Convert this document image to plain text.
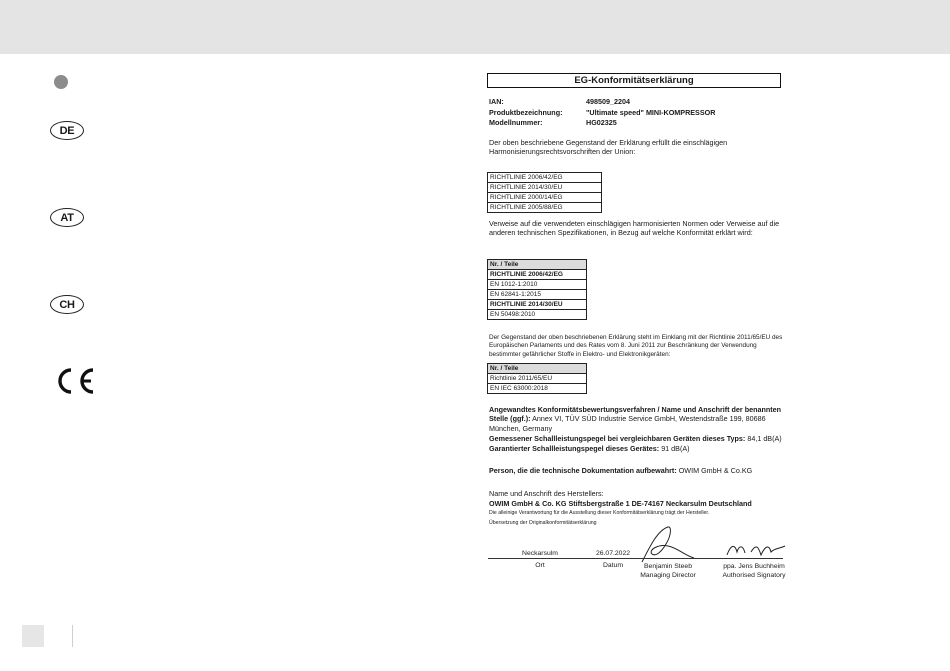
DE
AT
CH
EG-Konformitätserklärung
IAN:	498509_2204
Produktbezeichnung:	"Ultimate speed" MINI-KOMPRESSOR
Modellnummer:	HG02325
Der oben beschriebene Gegenstand der Erklärung erfüllt die einschlägigen Harmonisierungsrechtsvorschriften der Union:
RICHTLINIE 2006/42/EG
RICHTLINIE 2014/30/EU
RICHTLINIE 2000/14/EG
RICHTLINIE 2005/88/EG
Verweise auf die verwendeten einschlägigen harmonisierten Normen oder Verweise auf die anderen technischen Spezifikationen, in Bezug auf welche Konformität erklärt wird:
Nr. / Teile
RICHTLINIE 2006/42/EG
EN 1012-1:2010
EN 62841-1:2015
RICHTLINIE 2014/30/EU
EN 50498:2010
Der Gegenstand der oben beschriebenen Erklärung steht im Einklang mit der Richtlinie 2011/65/EU des Europäischen Parlaments und des Rates vom 8. Juni 2011 zur Beschränkung der Verwendung bestimmter gefährlicher Stoffe in Elektro- und Elektronikgeräten:
Nr. / Teile
Richtlinie 2011/65/EU
EN IEC 63000:2018
Angewandtes Konformitätsbewertungsverfahren / Name und Anschrift der benannten Stelle (ggf.): Annex VI, TÜV SÜD Industrie Service GmbH, Westendstraße 199, 80686 München, Germany
Gemessener Schallleistungspegel bei vergleichbaren Geräten dieses Typs: 84,1 dB(A)
Garantierter Schallleistungspegel dieses Gerätes: 91 dB(A)
Person, die die technische Dokumentation aufbewahrt: OWIM GmbH & Co.KG
Name und Anschrift des Herstellers:
OWIM GmbH & Co. KG Stiftsbergstraße 1 DE-74167 Neckarsulm Deutschland
Die alleinige Verantwortung für die Ausstellung dieser Konformitätserklärung trägt der Hersteller.
Übersetzung der Originalkonformitätserklärung
Neckarsulm	26.07.2022
Benjamin Steeb	ppa. Jens Buchheim
Ort	Datum
Managing Director	Authorised Signatory
